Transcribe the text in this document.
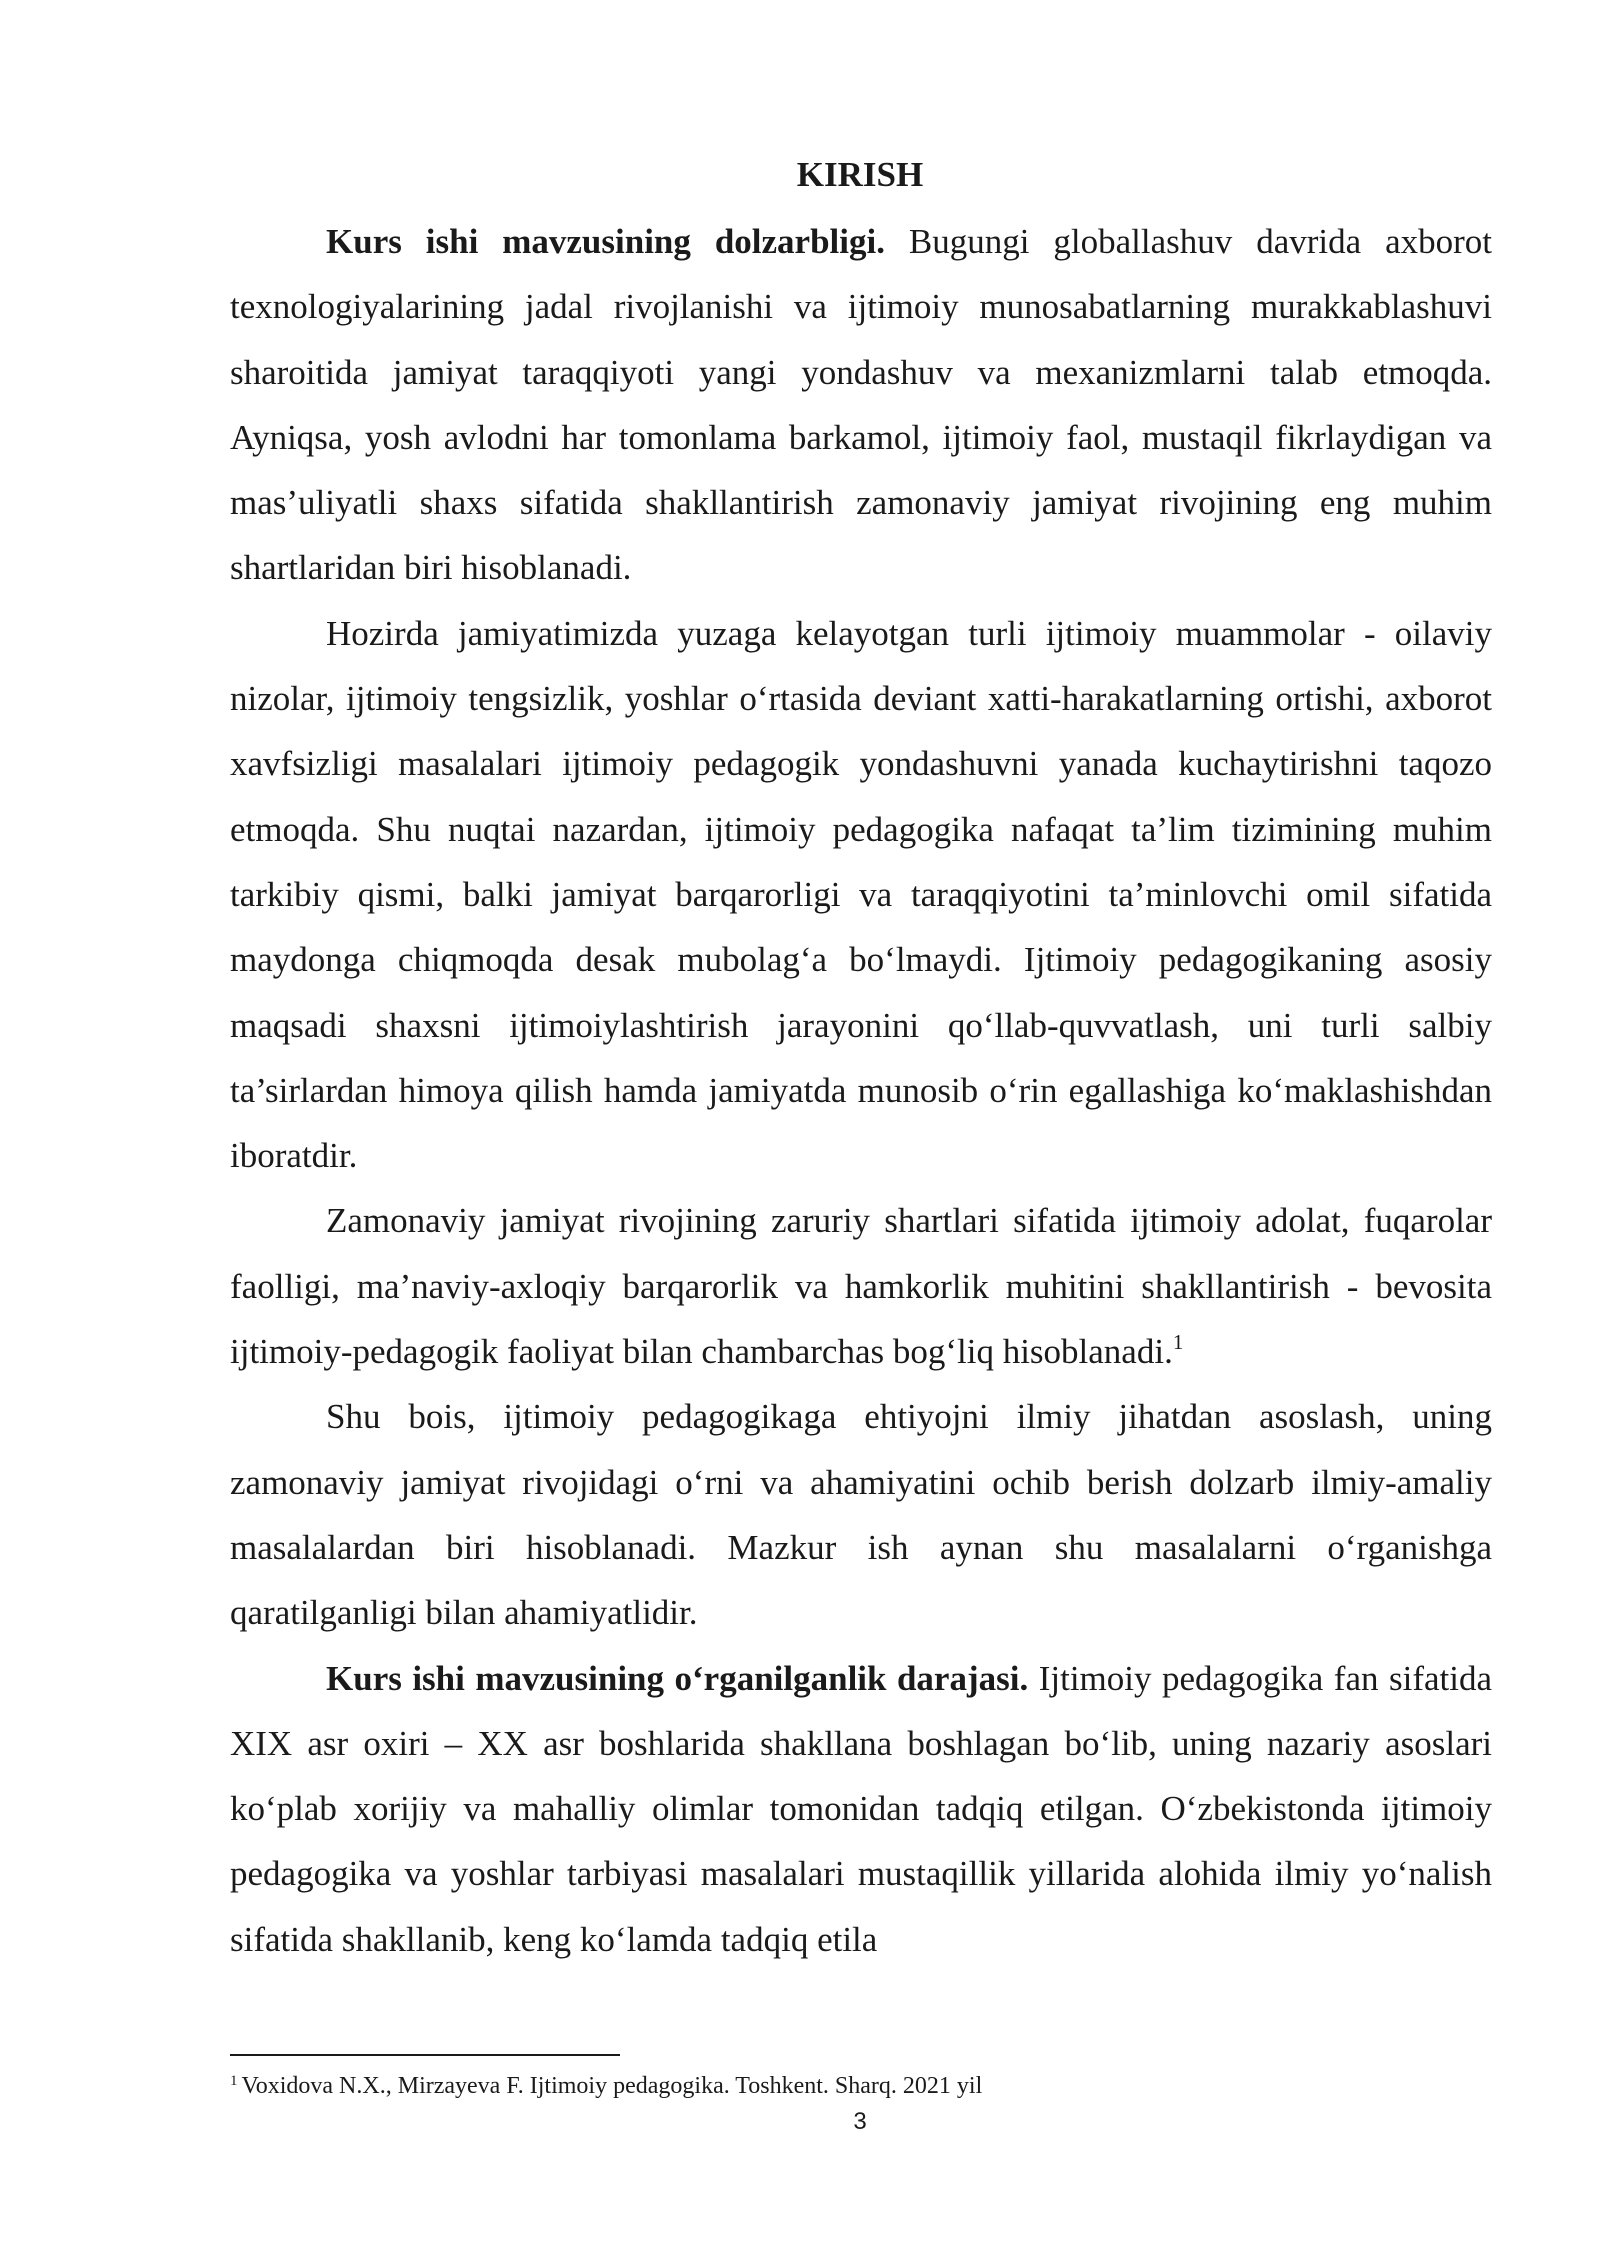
KIRISH

Kurs ishi mavzusining dolzarbligi. Bugungi globallashuv davrida axborot texnologiyalarining jadal rivojlanishi va ijtimoiy munosabatlarning murakkablashuvi sharoitida jamiyat taraqqiyoti yangi yondashuv va mexanizmlarni talab etmoqda. Ayniqsa, yosh avlodni har tomonlama barkamol, ijtimoiy faol, mustaqil fikrlaydigan va mas’uliyatli shaxs sifatida shakllantirish zamonaviy jamiyat rivojining eng muhim shartlaridan biri hisoblanadi.

Hozirda jamiyatimizda yuzaga kelayotgan turli ijtimoiy muammolar - oilaviy nizolar, ijtimoiy tengsizlik, yoshlar o‘rtasida deviant xatti-harakatlarning ortishi, axborot xavfsizligi masalalari ijtimoiy pedagogik yondashuvni yanada kuchaytirishni taqozo etmoqda. Shu nuqtai nazardan, ijtimoiy pedagogika nafaqat ta’lim tizimining muhim tarkibiy qismi, balki jamiyat barqarorligi va taraqqiyotini ta’minlovchi omil sifatida maydonga chiqmoqda desak mubolag‘a bo‘lmaydi. Ijtimoiy pedagogikaning asosiy maqsadi shaxsni ijtimoiylashtirish jarayonini qo‘llab-quvvatlash, uni turli salbiy ta’sirlardan himoya qilish hamda jamiyatda munosib o‘rin egallashiga ko‘maklashishdan iboratdir.

Zamonaviy jamiyat rivojining zaruriy shartlari sifatida ijtimoiy adolat, fuqarolar faolligi, ma’naviy-axloqiy barqarorlik va hamkorlik muhitini shakllantirish - bevosita ijtimoiy-pedagogik faoliyat bilan chambarchas bog‘liq hisoblanadi.$^1$

Shu bois, ijtimoiy pedagogikaga ehtiyojni ilmiy jihatdan asoslash, uning zamonaviy jamiyat rivojidagi o‘rni va ahamiyatini ochib berish dolzarb ilmiy-amaliy masalalardan biri hisoblanadi. Mazkur ish aynan shu masalalarni o‘rganishga qaratilganligi bilan ahamiyatlidir.

Kurs ishi mavzusining o‘rganilganlik darajasi. Ijtimoiy pedagogika fan sifatida XIX asr oxiri – XX asr boshlarida shakllana boshlagan bo‘lib, uning nazariy asoslari ko‘plab xorijiy va mahalliy olimlar tomonidan tadqiq etilgan. O‘zbekistonda ijtimoiy pedagogika va yoshlar tarbiyasi masalalari mustaqillik yillarida alohida ilmiy yo‘nalish sifatida shakllanib, keng ko‘lamda tadqiq etila

$^1$ Voxidova N.X., Mirzayeva F. Ijtimoiy pedagogika. Toshkent. Sharq. 2021 yil
3
